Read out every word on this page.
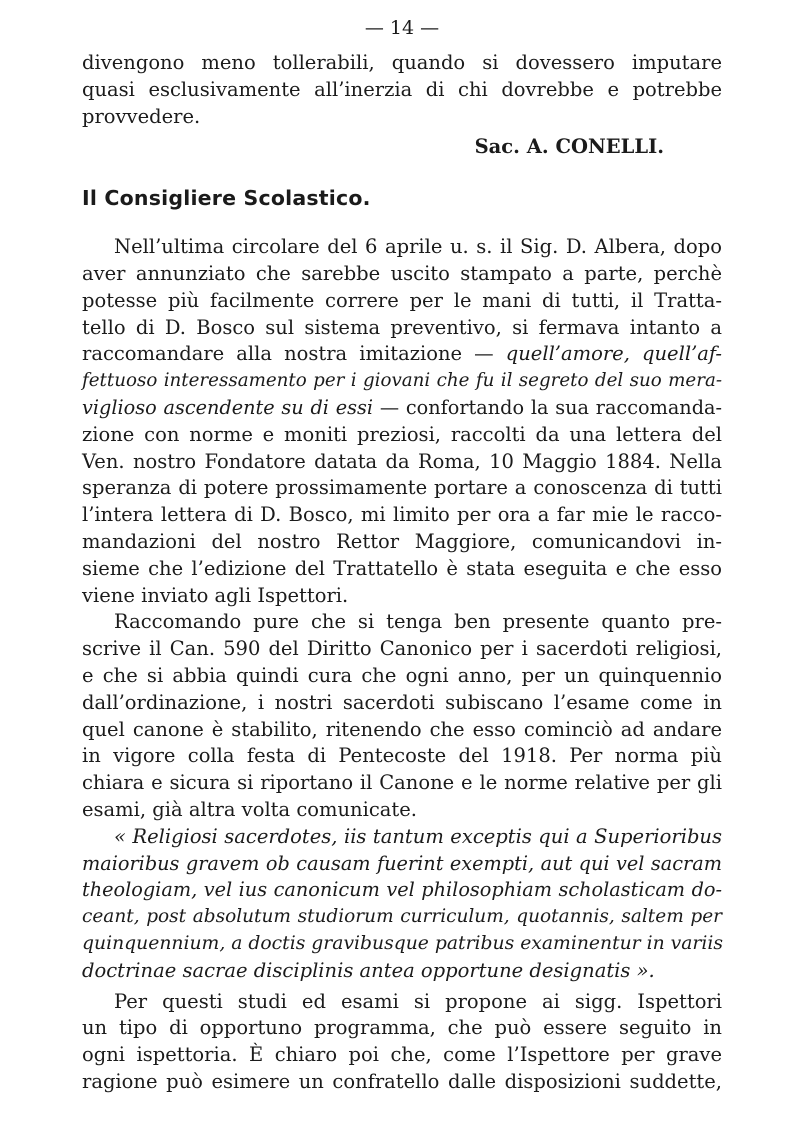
— 14 —
divengono meno tollerabili, quando si dovessero imputare
quasi esclusivamente all’inerzia di chi dovrebbe e potrebbe
provvedere.
Sac. A. CONELLI.
Il Consigliere Scolastico.
Nell’ultima circolare del 6 aprile u. s. il Sig. D. Albera, dopo
aver annunziato che sarebbe uscito stampato a parte, perchè
potesse più facilmente correre per le mani di tutti, il Tratta-
tello di D. Bosco sul sistema preventivo, si fermava intanto a
raccomandare alla nostra imitazione — quell’amore, quell’af-
fettuoso interessamento per i giovani che fu il segreto del suo mera-
viglioso ascendente su di essi — confortando la sua raccomanda-
zione con norme e moniti preziosi, raccolti da una lettera del
Ven. nostro Fondatore datata da Roma, 10 Maggio 1884. Nella
speranza di potere prossimamente portare a conoscenza di tutti
l’intera lettera di D. Bosco, mi limito per ora a far mie le racco-
mandazioni del nostro Rettor Maggiore, comunicandovi in-
sieme che l’edizione del Trattatello è stata eseguita e che esso
viene inviato agli Ispettori.
Raccomando pure che si tenga ben presente quanto pre-
scrive il Can. 590 del Diritto Canonico per i sacerdoti religiosi,
e che si abbia quindi cura che ogni anno, per un quinquennio
dall’ordinazione, i nostri sacerdoti subiscano l’esame come in
quel canone è stabilito, ritenendo che esso cominciò ad andare
in vigore colla festa di Pentecoste del 1918. Per norma più
chiara e sicura si riportano il Canone e le norme relative per gli
esami, già altra volta comunicate.
« Religiosi sacerdotes, iis tantum exceptis qui a Superioribus
maioribus gravem ob causam fuerint exempti, aut qui vel sacram
theologiam, vel ius canonicum vel philosophiam scholasticam do-
ceant, post absolutum studiorum curriculum, quotannis, saltem per
quinquennium, a doctis gravibusque patribus examinentur in variis
doctrinae sacrae disciplinis antea opportune designatis ».
Per questi studi ed esami si propone ai sigg. Ispettori
un tipo di opportuno programma, che può essere seguito in
ogni ispettoria. È chiaro poi che, come l’Ispettore per grave
ragione può esimere un confratello dalle disposizioni suddette,
